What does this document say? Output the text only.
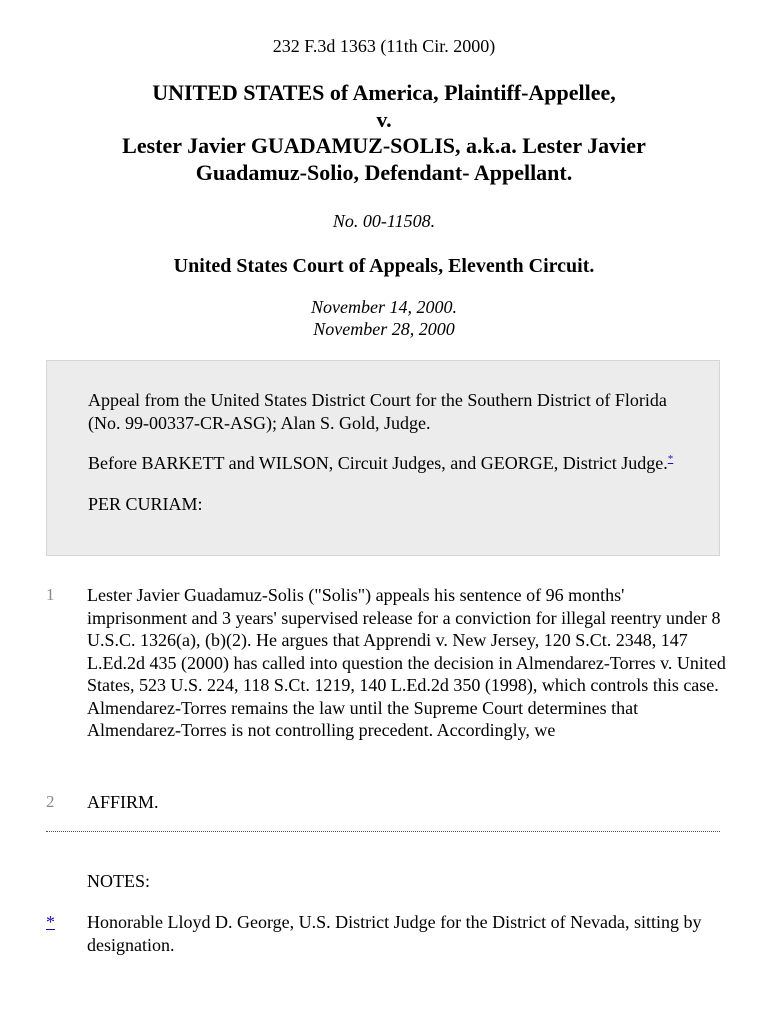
232 F.3d 1363 (11th Cir. 2000)
UNITED STATES of America, Plaintiff-Appellee,
v.
Lester Javier GUADAMUZ-SOLIS, a.k.a. Lester Javier
Guadamuz-Solio, Defendant- Appellant.
No. 00-11508.
United States Court of Appeals, Eleventh Circuit.
November 14, 2000.
November 28, 2000

Appeal from the United States District Court for the Southern District of Florida (No. 99-00337-CR-ASG); Alan S. Gold, Judge.

Before BARKETT and WILSON, Circuit Judges, and GEORGE, District Judge.*

PER CURIAM:

1 Lester Javier Guadamuz-Solis ("Solis") appeals his sentence of 96 months' imprisonment and 3 years' supervised release for a conviction for illegal reentry under 8 U.S.C. 1326(a), (b)(2). He argues that Apprendi v. New Jersey, 120 S.Ct. 2348, 147 L.Ed.2d 435 (2000) has called into question the decision in Almendarez-Torres v. United States, 523 U.S. 224, 118 S.Ct. 1219, 140 L.Ed.2d 350 (1998), which controls this case. Almendarez-Torres remains the law until the Supreme Court determines that Almendarez-Torres is not controlling precedent. Accordingly, we
2 AFFIRM.
NOTES:
* Honorable Lloyd D. George, U.S. District Judge for the District of Nevada, sitting by designation.
